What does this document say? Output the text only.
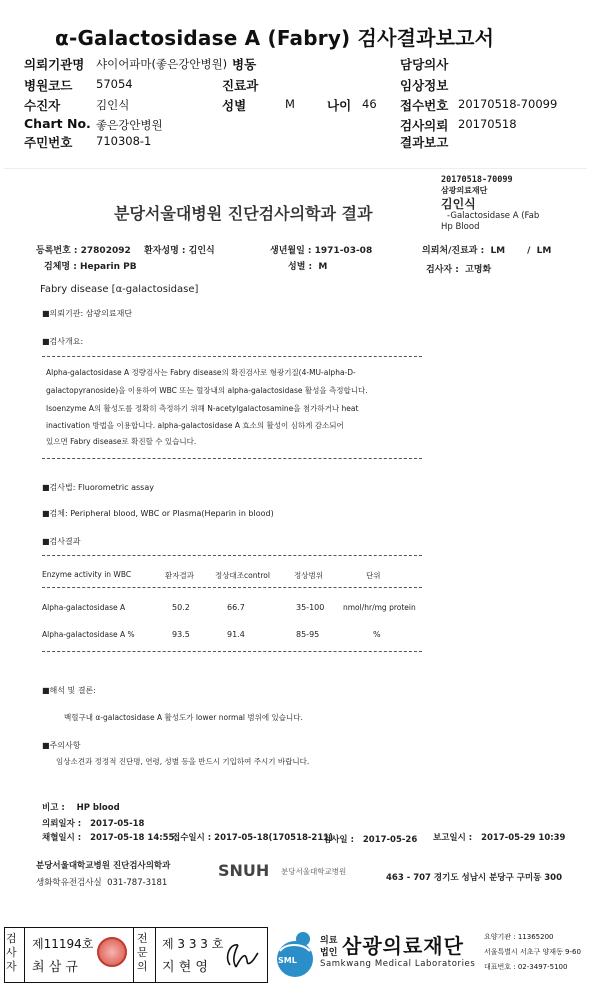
α-Galactosidase A (Fabry) 검사결과보고서
의뢰기관명 샤이어파마(좋은강안병원) 병동	담당의사
병원코드 57054	진료과	임상정보
수진자	김인식	성별	M	나이 46 접수번호 20170518-70099
Chart No. 좋은강안병원	검사의뢰 20170518
주민번호 710308-1	결과보고
20170518-70099
삼광의료재단
김인식
-Galactosidase A (Fab
Hp Blood
분당서울대병원 진단검사의학과 결과
등록번호 : 27802092 환자성명 : 김인식	생년월일 : 1971-03-08	의뢰처/진료과 :  LM       /  LM
검체명 : Heparin PB	성별 :  M	검사자 :  고명화
Fabry disease [α-galactosidase]
■의뢰기관: 삼광의료재단
■검사개요:
Alpha-galactosidase A 정량검사는 Fabry disease의 확진검사로 형광기질(4-MU-alpha-D-
galactopyranoside)을 이용하여 WBC 또는 혈장내의 alpha-galactosidase 활성을 측정합니다.
Isoenzyme A의 활성도를 정확히 측정하기 위해 N-acetylgalactosamine을 첨가하거나 heat
inactivation 방법을 이용합니다. alpha-galactosidase A 효소의 활성이 심하게 감소되어
있으면 Fabry disease로 확진할 수 있습니다.
■검사법: Fluorometric assay
■검체: Peripheral blood, WBC or Plasma(Heparin in blood)
■검사결과
Enzyme activity in WBC	환자결과	정상대조control	정상범위	단위
Alpha-galactosidase A	50.2	66.7	35-100 nmol/hr/mg protein
Alpha-galactosidase A %	93.5	91.4	85-95	%
■해석 및 결론:
백혈구내 α-galactosidase A 활성도가 lower normal 범위에 있습니다.
■주의사항
임상소견과 정정적 진단명, 연령, 성별 등을 반드시 기입하여 주시기 바랍니다.
비고 :    HP blood
의뢰일자 :   2017-05-18
채혈일시 :   2017-05-18 14:55
접수일시 : 2017-05-18(170518-211)
검사일 :   2017-05-26 보고일시 :   2017-05-29 10:39
분당서울대학교병원 진단검사의학과
생화학유전검사실  031-787-3181
SNUH 분당서울대학교병원
463 - 707 경기도 성남시 분당구 구미동 300
검사자
제11194호
최 삼 규
전문의
제 3 3 3 호
지 현 영	SML
의료
법인 삼광의료재단
Samkwang Medical Laboratories
요양기관 : 11365200
서울특별시 서초구 양재동 9-60
대표번호 : 02-3497-5100
